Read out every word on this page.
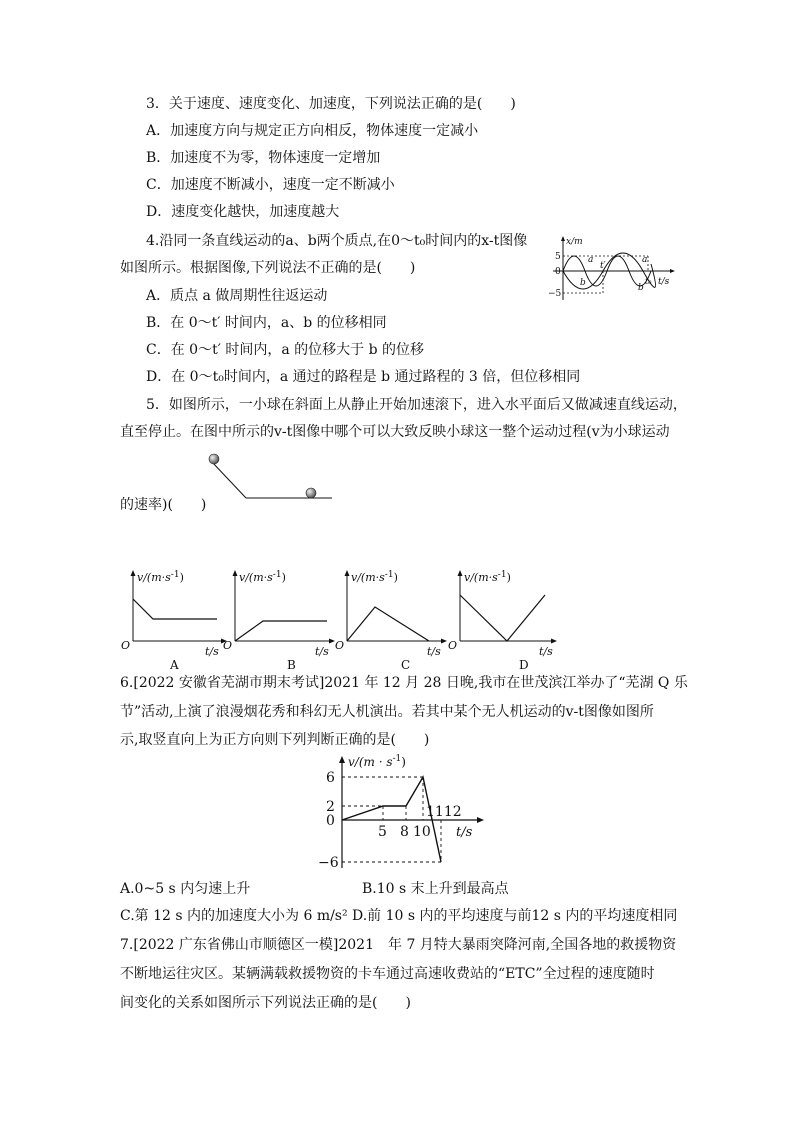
3．关于速度、速度变化、加速度，下列说法正确的是(　　)
A．加速度方向与规定正方向相反，物体速度一定减小
B．加速度不为零，物体速度一定增加
C．加速度不断减小，速度一定不断减小
D．速度变化越快，加速度越大
4.沿同一条直线运动的a、b两个质点,在0～t₀时间内的x-t图像
如图所示。根据图像,下列说法不正确的是(　　)
A．质点 a 做周期性往返运动
B．在 0～t′ 时间内，a、b 的位移相同
C．在 0～t′ 时间内，a 的位移大于 b 的位移
D．在 0～t₀时间内，a 通过的路程是 b 通过路程的 3 倍，但位移相同
x/m
5
0
−5
t′
t₀ t/s
a	a
b	b
5．如图所示，一小球在斜面上从静止开始加速滚下，进入水平面后又做减速直线运动，
直至停止。在图中所示的v-t图像中哪个可以大致反映小球这一整个运动过程(v为小球运动
的速率)(　　)
$v/(m\cdot s^{-1})$
O	t/s
A
$v/(m\cdot s^{-1})$
O	t/s
B
$v/(m\cdot s^{-1})$
O	t/s
C
$v/(m\cdot s^{-1})$
O	t/s
D
6.[2022 安徽省芜湖市期末考试]2021 年 12 月 28 日晚,我市在世茂滨江举办了“芜湖 Q 乐
节”活动,上演了浪漫烟花秀和科幻无人机演出。若其中某个无人机运动的v-t图像如图所
示,取竖直向上为正方向则下列判断正确的是(　　)
$v/(m \cdot s^{-1})$
6
2
0
−6
5 8 10
1112
t/s
A.0~5 s 内匀速上升	B.10 s 末上升到最高点
C.第 12 s 内的加速度大小为 6 m/s² D.前 10 s 内的平均速度与前12 s 内的平均速度相同
7.[2022 广东省佛山市顺德区一模]2021　年 7 月特大暴雨突降河南,全国各地的救援物资
不断地运往灾区。某辆满载救援物资的卡车通过高速收费站的“ETC”全过程的速度随时
间变化的关系如图所示下列说法正确的是(　　)
